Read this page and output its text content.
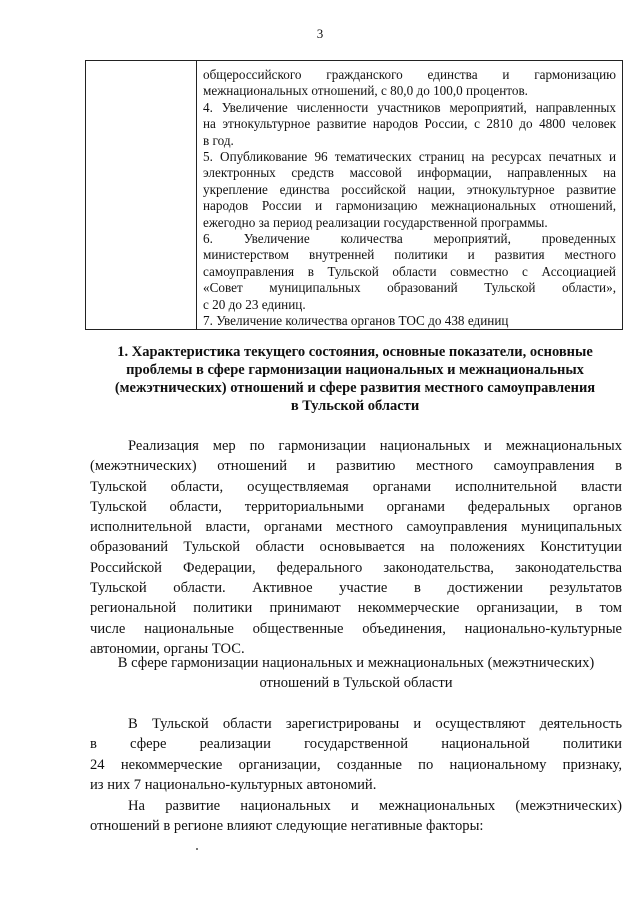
3

общероссийского гражданского единства и гармонизацию

межнациональных отношений, с 80,0 до 100,0 процентов.

4. Увеличение численности участников мероприятий, направленных

на этнокультурное развитие народов России, с 2810 до 4800 человек

в год.

5. Опубликование 96 тематических страниц на ресурсах печатных и

электронных средств массовой информации, направленных на

укрепление единства российской нации, этнокультурное развитие

народов России и гармонизацию межнациональных отношений,

ежегодно за период реализации государственной программы.

6. Увеличение количества мероприятий, проведенных

министерством внутренней политики и развития местного

самоуправления в Тульской области совместно с Ассоциацией

«Совет муниципальных образований Тульской области»,

с 20 до 23 единиц.

7. Увеличение количества органов ТОС до 438 единиц

1. Характеристика текущего состояния, основные показатели, основные
проблемы в сфере гармонизации национальных и межнациональных
(межэтнических) отношений и сфере развития местного самоуправления
в Тульской области
Реализация мер по гармонизации национальных и межнациональных
(межэтнических) отношений и развитию местного самоуправления в
Тульской области, осуществляемая органами исполнительной власти
Тульской области, территориальными органами федеральных органов
исполнительной власти, органами местного самоуправления муниципальных
образований Тульской области основывается на положениях Конституции
Российской Федерации, федерального законодательства, законодательства
Тульской области. Активное участие в достижении результатов
региональной политики принимают некоммерческие организации, в том
числе национальные общественные объединения, национально-культурные
автономии, органы ТОС.
В сфере гармонизации национальных и межнациональных (межэтнических)
отношений в Тульской области
В Тульской области зарегистрированы и осуществляют деятельность
в сфере реализации государственной национальной политики
24 некоммерческие организации, созданные по национальному признаку,
из них 7 национально-культурных автономий.
На развитие национальных и межнациональных (межэтнических)
отношений в регионе влияют следующие негативные факторы:
